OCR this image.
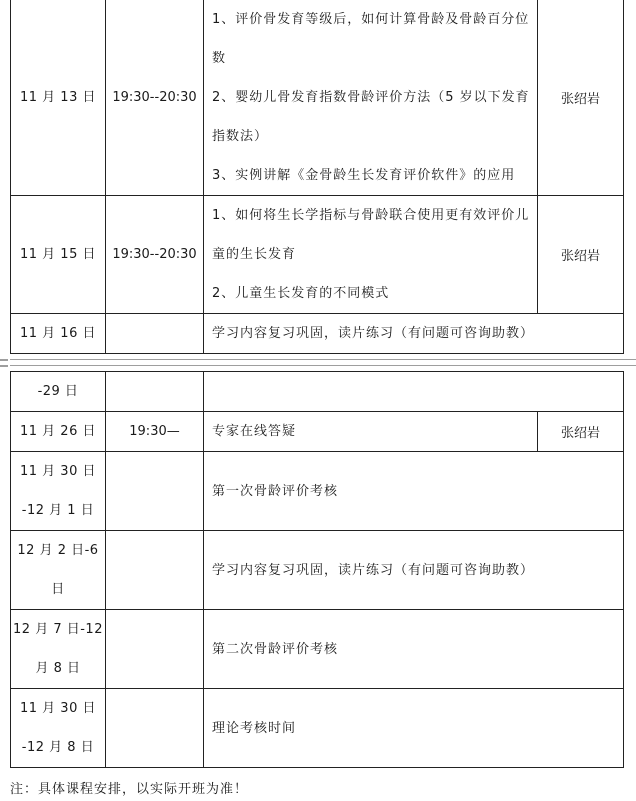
11 月 13 日	19:30--20:30	1、评价骨发育等级后，如何计算骨龄及骨龄百分位
数
2、婴幼儿骨发育指数骨龄评价方法（5 岁以下发育
指数法）
3、实例讲解《金骨龄生长发育评价软件》的应用	张绍岩

11 月 15 日	19:30--20:30	1、如何将生长学指标与骨龄联合使用更有效评价儿
童的生长发育
2、儿童生长发育的不同模式	张绍岩

11 月 16 日		学习内容复习巩固，读片练习（有问题可咨询助教）	
-29 日			

11 月 26 日	19:30—	专家在线答疑	张绍岩

11 月 30 日
-12 月 1 日		第一次骨龄评价考核	

12 月 2 日-6
日		学习内容复习巩固，读片练习（有问题可咨询助教）	

12 月 7 日-12
月 8 日		第二次骨龄评价考核	

11 月 30 日
-12 月 8 日		理论考核时间	
注：具体课程安排，以实际开班为准！
